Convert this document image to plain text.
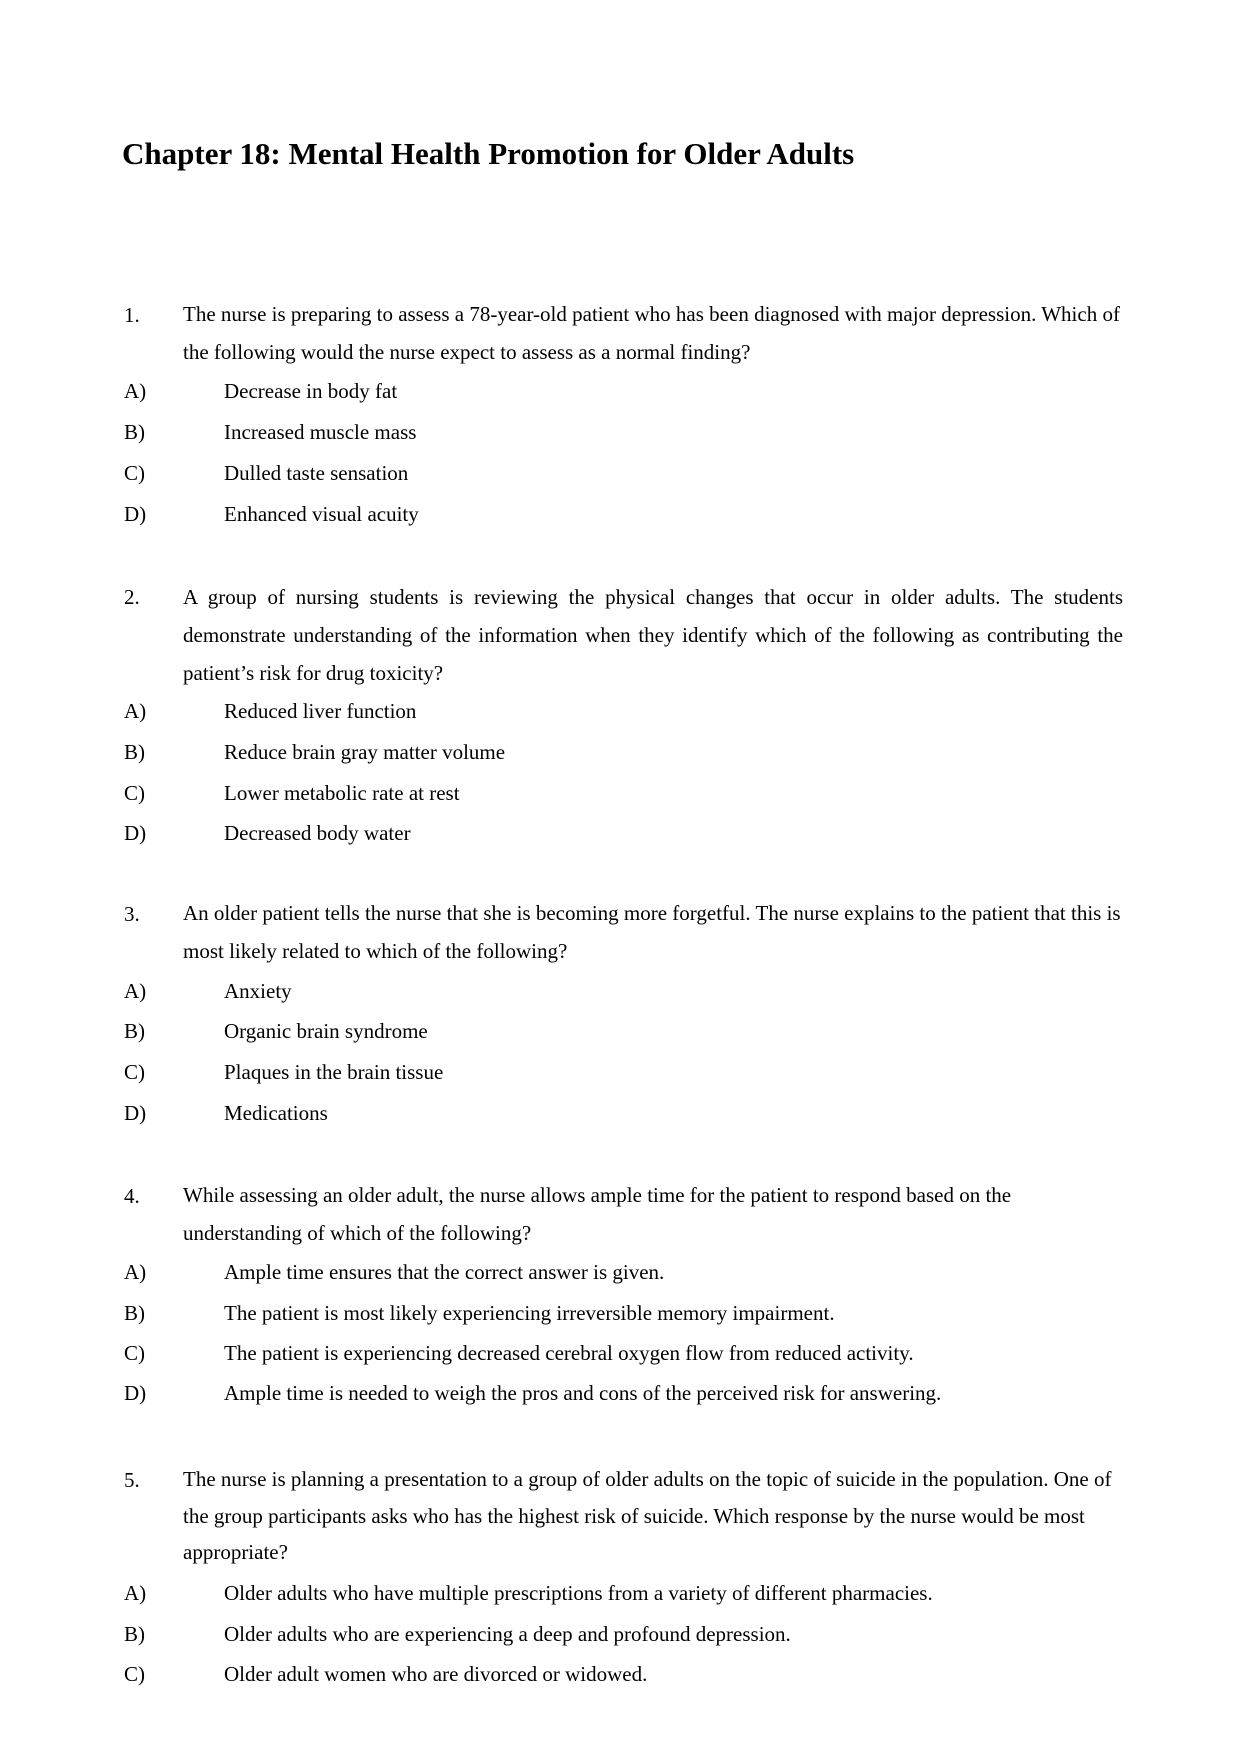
Chapter 18: Mental Health Promotion for Older Adults
1. The nurse is preparing to assess a 78-year-old patient who has been diagnosed with major depression. Which of the following would the nurse expect to assess as a normal finding?
A)	Decrease in body fat
B)	Increased muscle mass
C)	Dulled taste sensation
D)	Enhanced visual acuity
2. A group of nursing students is reviewing the physical changes that occur in older adults. The students demonstrate understanding of the information when they identify which of the following as contributing the patient’s risk for drug toxicity?
A)	Reduced liver function
B)	Reduce brain gray matter volume
C)	Lower metabolic rate at rest
D)	Decreased body water
3. An older patient tells the nurse that she is becoming more forgetful. The nurse explains to the patient that this is most likely related to which of the following?
A)	Anxiety
B)	Organic brain syndrome
C)	Plaques in the brain tissue
D)	Medications
4. While assessing an older adult, the nurse allows ample time for the patient to respond based on the understanding of which of the following?
A)	Ample time ensures that the correct answer is given.
B)	The patient is most likely experiencing irreversible memory impairment.
C)	The patient is experiencing decreased cerebral oxygen flow from reduced activity.
D)	Ample time is needed to weigh the pros and cons of the perceived risk for answering.
5. The nurse is planning a presentation to a group of older adults on the topic of suicide in the population. One of the group participants asks who has the highest risk of suicide. Which response by the nurse would be most appropriate?
A)	Older adults who have multiple prescriptions from a variety of different pharmacies.
B)	Older adults who are experiencing a deep and profound depression.
C)	Older adult women who are divorced or widowed.
